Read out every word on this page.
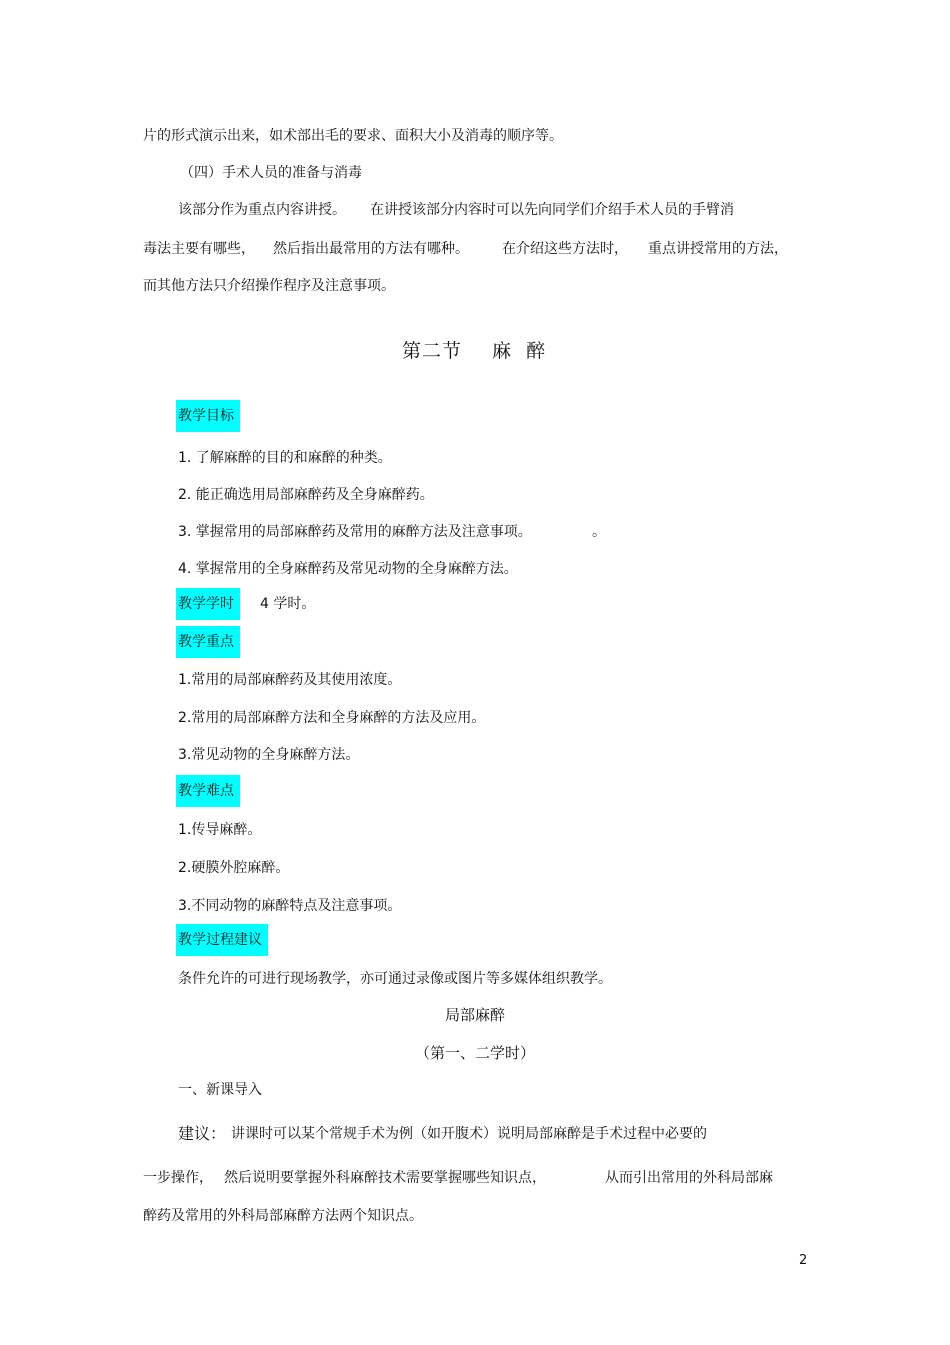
片的形式演示出来，如术部出毛的要求、面积大小及消毒的顺序等。
（四）手术人员的准备与消毒
该部分作为重点内容讲授。 在讲授该部分内容时可以先向同学们介绍手术人员的手臂消
毒法主要有哪些， 然后指出最常用的方法有哪种。 在介绍这些方法时， 重点讲授常用的方法，
而其他方法只介绍操作程序及注意事项。
第二节 麻  醉
教学目标
1. 了解麻醉的目的和麻醉的种类。
2. 能正确选用局部麻醉药及全身麻醉药。
3. 掌握常用的局部麻醉药及常用的麻醉方法及注意事项。	。
4. 掌握常用的全身麻醉药及常见动物的全身麻醉方法。
教学学时	4 学时。
教学重点
1.常用的局部麻醉药及其使用浓度。
2.常用的局部麻醉方法和全身麻醉的方法及应用。
3.常见动物的全身麻醉方法。
教学难点
1.传导麻醉。
2.硬膜外腔麻醉。
3.不同动物的麻醉特点及注意事项。
教学过程建议
条件允许的可进行现场教学，亦可通过录像或图片等多媒体组织教学。
局部麻醉
（第一、二学时）
一、新课导入
建议： 讲课时可以某个常规手术为例（如开腹术）说明局部麻醉是手术过程中必要的
一步操作， 然后说明要掌握外科麻醉技术需要掌握哪些知识点，	从而引出常用的外科局部麻
醉药及常用的外科局部麻醉方法两个知识点。
2
